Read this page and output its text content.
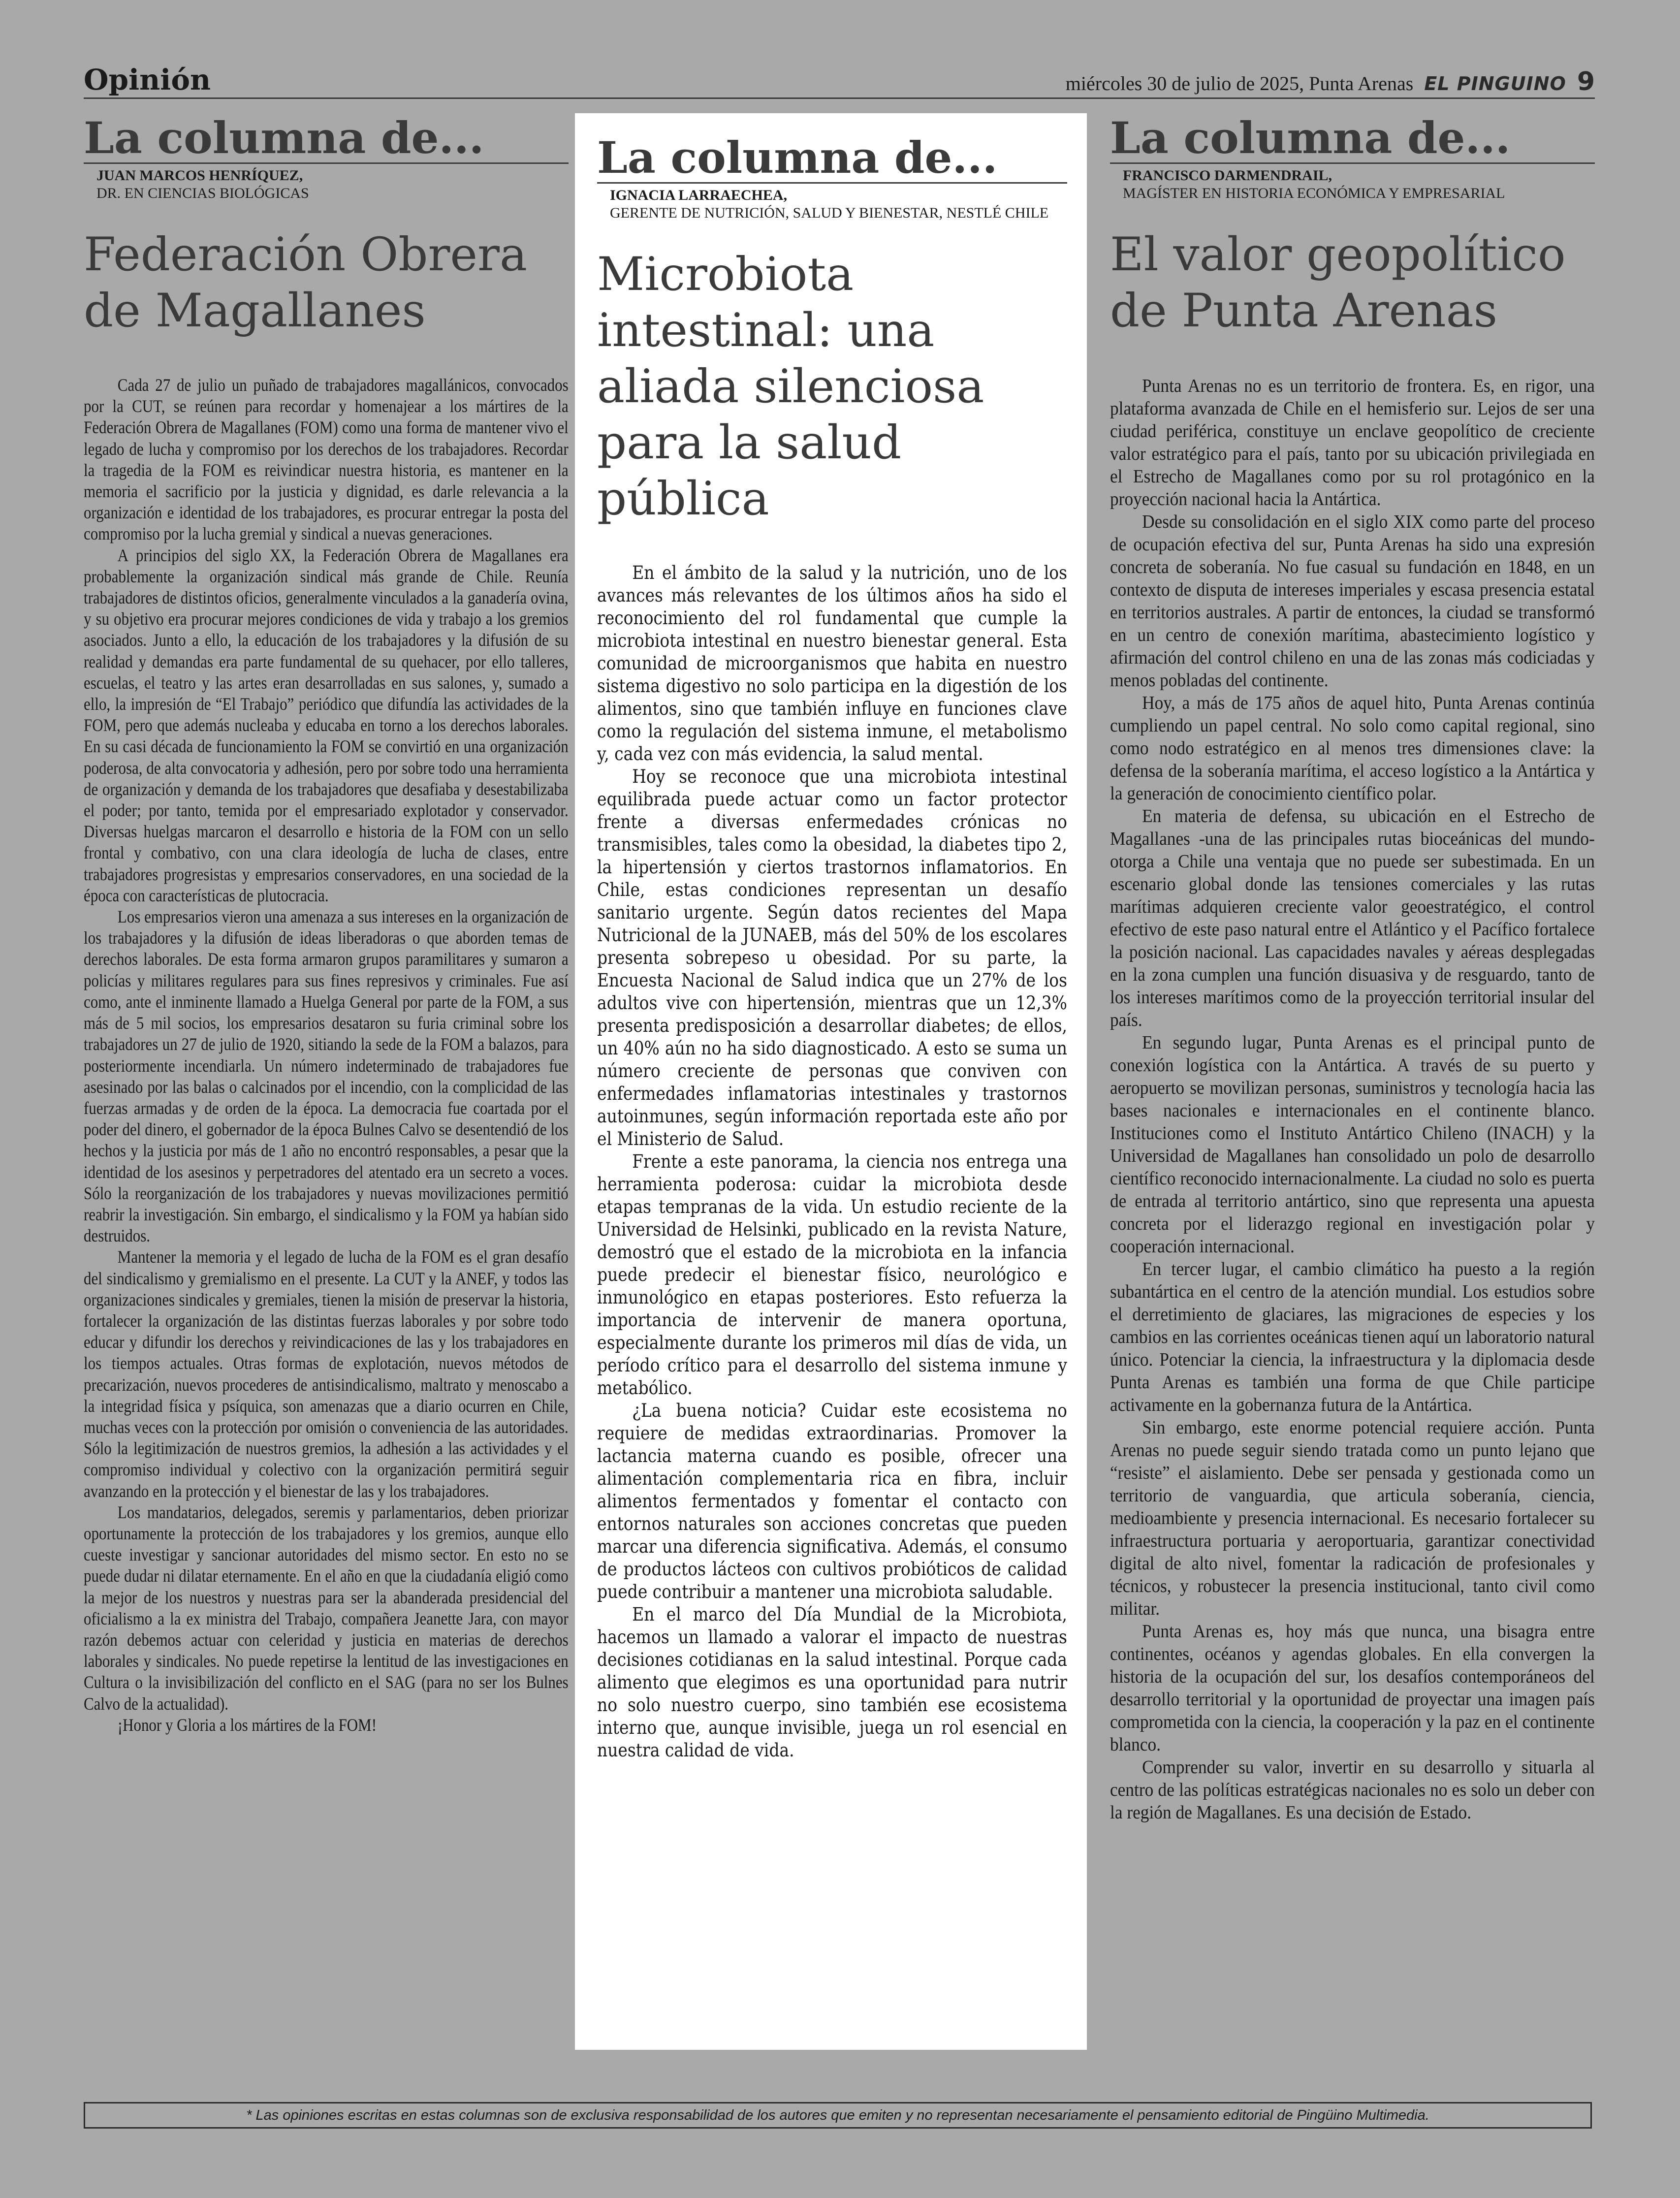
Opinión	miércoles 30 de julio de 2025, Punta Arenas EL PINGUINO 9
La columna de...
JUAN MARCOS HENRÍQUEZ,
DR. EN CIENCIAS BIOLÓGICAS
Federación Obrera de Magallanes

Cada 27 de julio un puñado de trabajadores magallánicos, convocados por la CUT, se reúnen para recordar y homenajear a los mártires de la Federación Obrera de Magallanes (FOM) como una forma de mantener vivo el legado de lucha y compromiso por los derechos de los trabajadores. Recordar la tragedia de la FOM es reivindicar nuestra historia, es mantener en la memoria el sacrificio por la justicia y dignidad, es darle relevancia a la organización e identidad de los trabajadores, es procurar entregar la posta del compromiso por la lucha gremial y sindical a nuevas generaciones.

A principios del siglo XX, la Federación Obrera de Magallanes era probablemente la organización sindical más grande de Chile. Reunía trabajadores de distintos oficios, generalmente vinculados a la ganadería ovina, y su objetivo era procurar mejores condiciones de vida y trabajo a los gremios asociados. Junto a ello, la educación de los trabajadores y la difusión de su realidad y demandas era parte fundamental de su quehacer, por ello talleres, escuelas, el teatro y las artes eran desarrolladas en sus salones, y, sumado a ello, la impresión de “El Trabajo” periódico que difundía las actividades de la FOM, pero que además nucleaba y educaba en torno a los derechos laborales. En su casi década de funcionamiento la FOM se convirtió en una organización poderosa, de alta convocatoria y adhesión, pero por sobre todo una herramienta de organización y demanda de los trabajadores que desafiaba y desestabilizaba el poder; por tanto, temida por el empresariado explotador y conservador. Diversas huelgas marcaron el desarrollo e historia de la FOM con un sello frontal y combativo, con una clara ideología de lucha de clases, entre trabajadores progresistas y empresarios conservadores, en una sociedad de la época con características de plutocracia.

Los empresarios vieron una amenaza a sus intereses en la organización de los trabajadores y la difusión de ideas liberadoras o que aborden temas de derechos laborales. De esta forma armaron grupos paramilitares y sumaron a policías y militares regulares para sus fines represivos y criminales. Fue así como, ante el inminente llamado a Huelga General por parte de la FOM, a sus más de 5 mil socios, los empresarios desataron su furia criminal sobre los trabajadores un 27 de julio de 1920, sitiando la sede de la FOM a balazos, para posteriormente incendiarla. Un número indeterminado de trabajadores fue asesinado por las balas o calcinados por el incendio, con la complicidad de las fuerzas armadas y de orden de la época. La democracia fue coartada por el poder del dinero, el gobernador de la época Bulnes Calvo se desentendió de los hechos y la justicia por más de 1 año no encontró responsables, a pesar que la identidad de los asesinos y perpetradores del atentado era un secreto a voces. Sólo la reorganización de los trabajadores y nuevas movilizaciones permitió reabrir la investigación. Sin embargo, el sindicalismo y la FOM ya habían sido destruidos.

Mantener la memoria y el legado de lucha de la FOM es el gran desafío del sindicalismo y gremialismo en el presente. La CUT y la ANEF, y todos las organizaciones sindicales y gremiales, tienen la misión de preservar la historia, fortalecer la organización de las distintas fuerzas laborales y por sobre todo educar y difundir los derechos y reivindicaciones de las y los trabajadores en los tiempos actuales. Otras formas de explotación, nuevos métodos de precarización, nuevos procederes de antisindicalismo, maltrato y menoscabo a la integridad física y psíquica, son amenazas que a diario ocurren en Chile, muchas veces con la protección por omisión o conveniencia de las autoridades. Sólo la legitimización de nuestros gremios, la adhesión a las actividades y el compromiso individual y colectivo con la organización permitirá seguir avanzando en la protección y el bienestar de las y los trabajadores.

Los mandatarios, delegados, seremis y parlamentarios, deben priorizar oportunamente la protección de los trabajadores y los gremios, aunque ello cueste investigar y sancionar autoridades del mismo sector. En esto no se puede dudar ni dilatar eternamente. En el año en que la ciudadanía eligió como la mejor de los nuestros y nuestras para ser la abanderada presidencial del oficialismo a la ex ministra del Trabajo, compañera Jeanette Jara, con mayor razón debemos actuar con celeridad y justicia en materias de derechos laborales y sindicales. No puede repetirse la lentitud de las investigaciones en Cultura o la invisibilización del conflicto en el SAG (para no ser los Bulnes Calvo de la actualidad).

¡Honor y Gloria a los mártires de la FOM!

La columna de...
IGNACIA LARRAECHEA,
GERENTE DE NUTRICIÓN, SALUD Y BIENESTAR, NESTLÉ CHILE
Microbiota intestinal: una aliada silenciosa para la salud pública

En el ámbito de la salud y la nutrición, uno de los avances más relevantes de los últimos años ha sido el reconocimiento del rol fundamental que cumple la microbiota intestinal en nuestro bienestar general. Esta comunidad de microorganismos que habita en nuestro sistema digestivo no solo participa en la digestión de los alimentos, sino que también influye en funciones clave como la regulación del sistema inmune, el metabolismo y, cada vez con más evidencia, la salud mental.

Hoy se reconoce que una microbiota intestinal equilibrada puede actuar como un factor protector frente a diversas enfermedades crónicas no transmisibles, tales como la obesidad, la diabetes tipo 2, la hipertensión y ciertos trastornos inflamatorios. En Chile, estas condiciones representan un desafío sanitario urgente. Según datos recientes del Mapa Nutricional de la JUNAEB, más del 50% de los escolares presenta sobrepeso u obesidad. Por su parte, la Encuesta Nacional de Salud indica que un 27% de los adultos vive con hipertensión, mientras que un 12,3% presenta predisposición a desarrollar diabetes; de ellos, un 40% aún no ha sido diagnosticado. A esto se suma un número creciente de personas que conviven con enfermedades inflamatorias intestinales y trastornos autoinmunes, según información reportada este año por el Ministerio de Salud.

Frente a este panorama, la ciencia nos entrega una herramienta poderosa: cuidar la microbiota desde etapas tempranas de la vida. Un estudio reciente de la Universidad de Helsinki, publicado en la revista Nature, demostró que el estado de la microbiota en la infancia puede predecir el bienestar físico, neurológico e inmunológico en etapas posteriores. Esto refuerza la importancia de intervenir de manera oportuna, especialmente durante los primeros mil días de vida, un período crítico para el desarrollo del sistema inmune y metabólico.

¿La buena noticia? Cuidar este ecosistema no requiere de medidas extraordinarias. Promover la lactancia materna cuando es posible, ofrecer una alimentación complementaria rica en fibra, incluir alimentos fermentados y fomentar el contacto con entornos naturales son acciones concretas que pueden marcar una diferencia significativa. Además, el consumo de productos lácteos con cultivos probióticos de calidad puede contribuir a mantener una microbiota saludable.

En el marco del Día Mundial de la Microbiota, hacemos un llamado a valorar el impacto de nuestras decisiones cotidianas en la salud intestinal. Porque cada alimento que elegimos es una oportunidad para nutrir no solo nuestro cuerpo, sino también ese ecosistema interno que, aunque invisible, juega un rol esencial en nuestra calidad de vida.

La columna de...
FRANCISCO DARMENDRAIL,
MAGÍSTER EN HISTORIA ECONÓMICA Y EMPRESARIAL
El valor geopolítico de Punta Arenas

Punta Arenas no es un territorio de frontera. Es, en rigor, una plataforma avanzada de Chile en el hemisferio sur. Lejos de ser una ciudad periférica, constituye un enclave geopolítico de creciente valor estratégico para el país, tanto por su ubicación privilegiada en el Estrecho de Magallanes como por su rol protagónico en la proyección nacional hacia la Antártica.

Desde su consolidación en el siglo XIX como parte del proceso de ocupación efectiva del sur, Punta Arenas ha sido una expresión concreta de soberanía. No fue casual su fundación en 1848, en un contexto de disputa de intereses imperiales y escasa presencia estatal en territorios australes. A partir de entonces, la ciudad se transformó en un centro de conexión marítima, abastecimiento logístico y afirmación del control chileno en una de las zonas más codiciadas y menos pobladas del continente.

Hoy, a más de 175 años de aquel hito, Punta Arenas continúa cumpliendo un papel central. No solo como capital regional, sino como nodo estratégico en al menos tres dimensiones clave: la defensa de la soberanía marítima, el acceso logístico a la Antártica y la generación de conocimiento científico polar.

En materia de defensa, su ubicación en el Estrecho de Magallanes -una de las principales rutas bioceánicas del mundo- otorga a Chile una ventaja que no puede ser subestimada. En un escenario global donde las tensiones comerciales y las rutas marítimas adquieren creciente valor geoestratégico, el control efectivo de este paso natural entre el Atlántico y el Pacífico fortalece la posición nacional. Las capacidades navales y aéreas desplegadas en la zona cumplen una función disuasiva y de resguardo, tanto de los intereses marítimos como de la proyección territorial insular del país.

En segundo lugar, Punta Arenas es el principal punto de conexión logística con la Antártica. A través de su puerto y aeropuerto se movilizan personas, suministros y tecnología hacia las bases nacionales e internacionales en el continente blanco. Instituciones como el Instituto Antártico Chileno (INACH) y la Universidad de Magallanes han consolidado un polo de desarrollo científico reconocido internacionalmente. La ciudad no solo es puerta de entrada al territorio antártico, sino que representa una apuesta concreta por el liderazgo regional en investigación polar y cooperación internacional.

En tercer lugar, el cambio climático ha puesto a la región subantártica en el centro de la atención mundial. Los estudios sobre el derretimiento de glaciares, las migraciones de especies y los cambios en las corrientes oceánicas tienen aquí un laboratorio natural único. Potenciar la ciencia, la infraestructura y la diplomacia desde Punta Arenas es también una forma de que Chile participe activamente en la gobernanza futura de la Antártica.

Sin embargo, este enorme potencial requiere acción. Punta Arenas no puede seguir siendo tratada como un punto lejano que “resiste” el aislamiento. Debe ser pensada y gestionada como un territorio de vanguardia, que articula soberanía, ciencia, medioambiente y presencia internacional. Es necesario fortalecer su infraestructura portuaria y aeroportuaria, garantizar conectividad digital de alto nivel, fomentar la radicación de profesionales y técnicos, y robustecer la presencia institucional, tanto civil como militar.

Punta Arenas es, hoy más que nunca, una bisagra entre continentes, océanos y agendas globales. En ella convergen la historia de la ocupación del sur, los desafíos contemporáneos del desarrollo territorial y la oportunidad de proyectar una imagen país comprometida con la ciencia, la cooperación y la paz en el continente blanco.

Comprender su valor, invertir en su desarrollo y situarla al centro de las políticas estratégicas nacionales no es solo un deber con la región de Magallanes. Es una decisión de Estado.

* Las opiniones escritas en estas columnas son de exclusiva responsabilidad de los autores que emiten y no representan necesariamente el pensamiento editorial de Pingüino Multimedia.
